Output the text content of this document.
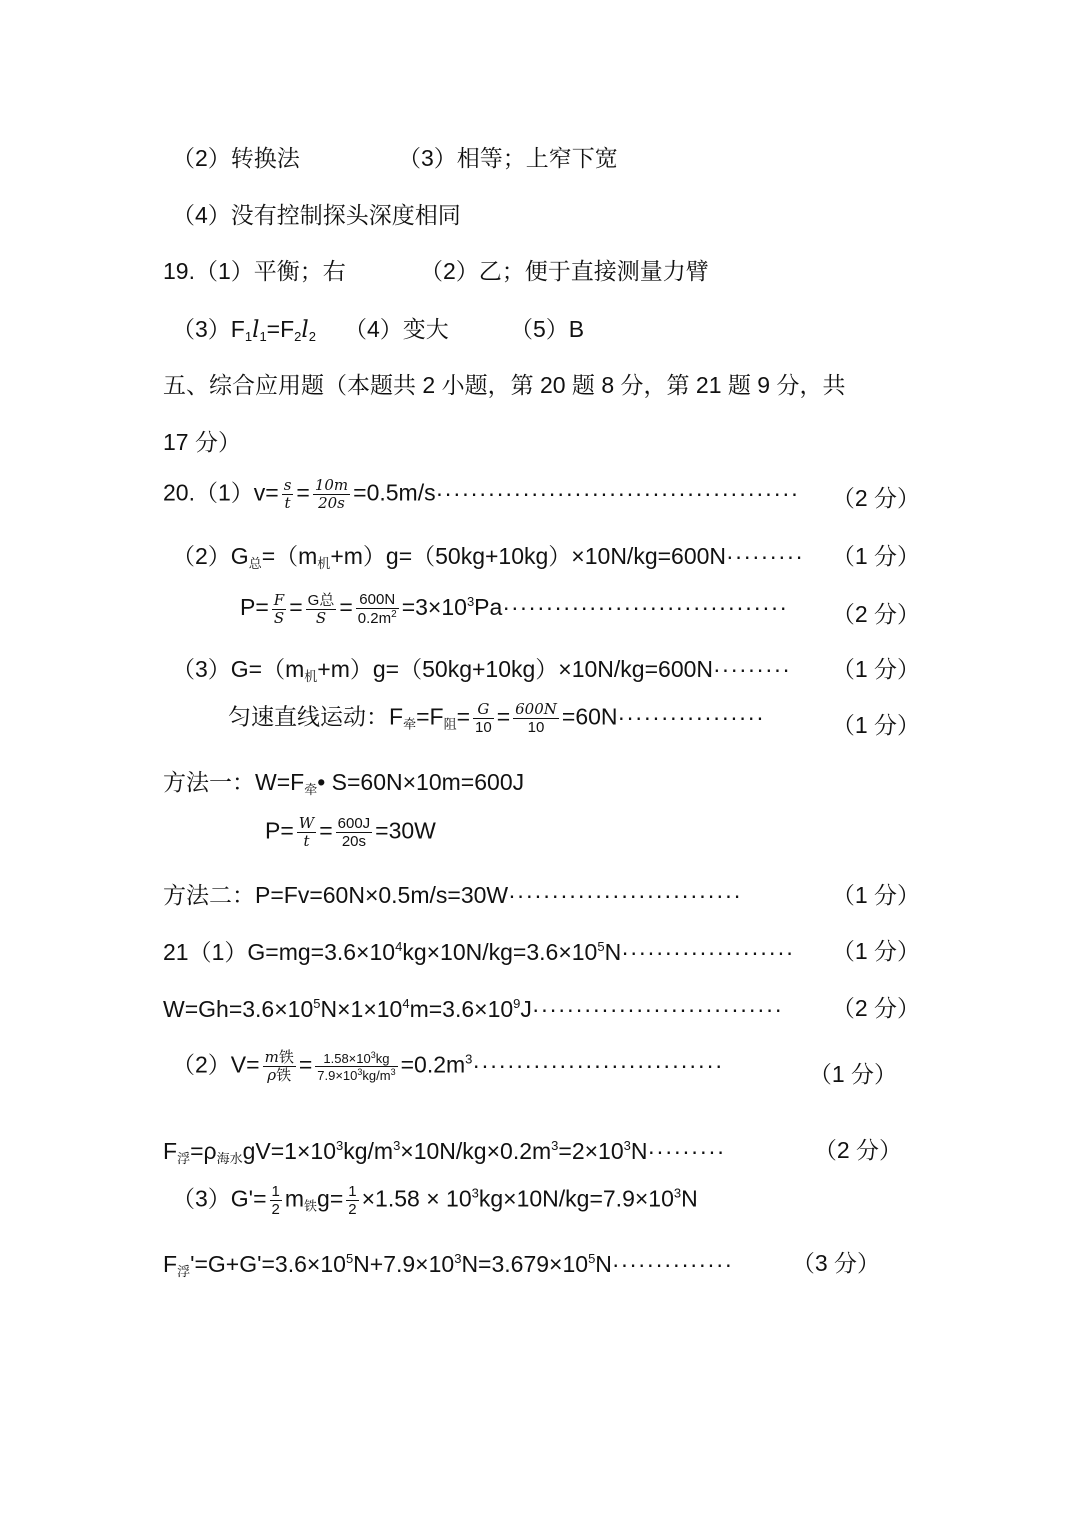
（2）转换法	（3）相等；上窄下宽
（4）没有控制探头深度相同
19.（1）平衡；右	（2）乙；便于直接测量力臂
$(3)F_1l_1=F_2l_2$ （4）变大	（5）B
五、综合应用题（本题共 2 小题，第 20 题 8 分，第 21 题 9 分，共
17 分）
$20.(1)v= \frac{s}{t} = \frac{10m}{20s} =0.5m/s\cdot\cdot\cdot\cdot\cdot\cdot\cdot\cdot\cdot\cdot\cdot\cdot\cdot\cdot\cdot\cdot\cdot\cdot\cdot\cdot\cdot\cdot\cdot\cdot\cdot\cdot\cdot\cdot\cdot\cdot\cdot\cdot\cdot\cdot\cdot\cdot\cdot\cdot\cdot\cdot\cdot\cdot (2$ 分）
$(2)G_总=(m_机+m)g=(50kg+10kg)\times 10N/kg=600N\cdot\cdot\cdot\cdot\cdot\cdot\cdot\cdot\cdot (1$ 分）
$P= \frac{F}{S} = \frac{\text{G总}}{S} = \frac{600N}{0.2m^2} =3\times 10^3Pa\cdot\cdot\cdot\cdot\cdot\cdot\cdot\cdot\cdot\cdot\cdot\cdot\cdot\cdot\cdot\cdot\cdot\cdot\cdot\cdot\cdot\cdot\cdot\cdot\cdot\cdot\cdot\cdot\cdot\cdot\cdot\cdot\cdot (2$ 分）
$(3)G=(m_机+m)g=(50kg+10kg)\times 10N/kg=600N\cdot\cdot\cdot\cdot\cdot\cdot\cdot\cdot\cdot (1$ 分）
匀速直线运动：$F_牵=F_阻= \frac{G}{10} = \frac{600N}{10} =60N\cdot\cdot\cdot\cdot\cdot\cdot\cdot\cdot\cdot\cdot\cdot\cdot\cdot\cdot\cdot\cdot\cdot$	（1 分）
方法一：$W=F_牵•$ S=60N×10m=600J
$P= \frac{W}{t} = \frac{600J}{20s} =30W$
方法二：P=Fv=60N×0.5m/s=30W···························	（1 分）
$21(1)G=mg=3.6\times 10^4kg\times 10N/kg=3.6\times 10^5N\cdot\cdot\cdot\cdot\cdot\cdot\cdot\cdot\cdot\cdot\cdot\cdot\cdot\cdot\cdot\cdot\cdot\cdot\cdot\cdot (1$ 分）
$W=Gh=3.6\times 10^5N\times 1\times 10^4m=3.6\times 10^9J\cdot\cdot\cdot\cdot\cdot\cdot\cdot\cdot\cdot\cdot\cdot\cdot\cdot\cdot\cdot\cdot\cdot\cdot\cdot\cdot\cdot\cdot\cdot\cdot\cdot\cdot\cdot\cdot\cdot (2$ 分）
$(2)V= \frac{\text{m铁}}{\text{ρ铁}} = \frac{1.58\times 10^3kg}{7.9\times 10^3kg/m^3} =0.2m^3\cdot\cdot\cdot\cdot\cdot\cdot\cdot\cdot\cdot\cdot\cdot\cdot\cdot\cdot\cdot\cdot\cdot\cdot\cdot\cdot\cdot\cdot\cdot\cdot\cdot\cdot\cdot\cdot\cdot$	（1 分）
$F_浮=\rho_{海水}gV=1\times 10^3kg/m^3\times 10N/kg\times 0.2m^3=2\times 10^3N\cdot\cdot\cdot\cdot\cdot\cdot\cdot\cdot\cdot$	（2 分）
$(3)G'= \frac{1}{2} m_铁g= \frac{1}{2} \times 1.58 \times 10^3kg\times 10N/kg=7.9\times 10^3N$
$F_浮'=G+G'=3.6\times 10^5N+7.9\times 10^3N=3.679\times 10^5N\cdot\cdot\cdot\cdot\cdot\cdot\cdot\cdot\cdot\cdot\cdot\cdot\cdot\cdot$	（3 分）
